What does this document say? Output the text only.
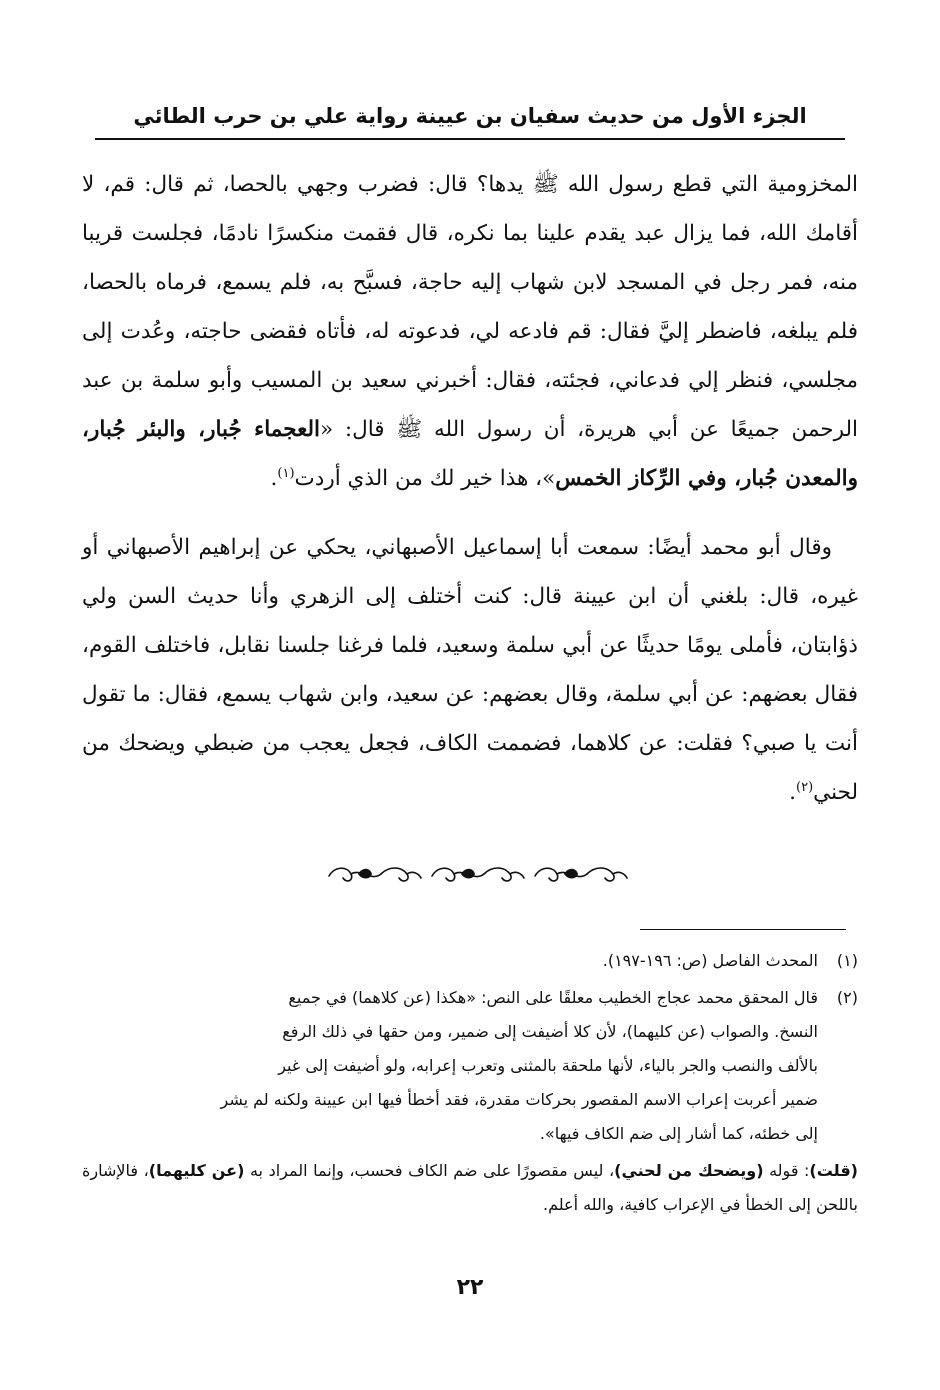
الجزء الأول من حديث سفيان بن عيينة رواية علي بن حرب الطائي

المخزومية التي قطع رسول الله ﷺ يدها؟ قال: فضرب وجهي بالحصا، ثم قال: قم، لا أقامك الله، فما يزال عبد يقدم علينا بما نكره، قال فقمت منكسرًا نادمًا، فجلست قريبا منه، فمر رجل في المسجد لابن شهاب إليه حاجة، فسبَّح به، فلم يسمع، فرماه بالحصا، فلم يبلغه، فاضطر إليَّ فقال: قم فادعه لي، فدعوته له، فأتاه فقضى حاجته، وعُدت إلى مجلسي، فنظر إلي فدعاني، فجئته، فقال: أخبرني سعيد بن المسيب وأبو سلمة بن عبد الرحمن جميعًا عن أبي هريرة، أن رسول الله ﷺ قال: «العجماء جُبار، والبئر جُبار، والمعدن جُبار، وفي الرِّكاز الخمس»، هذا خير لك من الذي أردت$^{(١)}$.

وقال أبو محمد أيضًا: سمعت أبا إسماعيل الأصبهاني، يحكي عن إبراهيم الأصبهاني أو غيره، قال: بلغني أن ابن عيينة قال: كنت أختلف إلى الزهري وأنا حديث السن ولي ذؤابتان، فأملى يومًا حديثًا عن أبي سلمة وسعيد، فلما فرغنا جلسنا نقابل، فاختلف القوم، فقال بعضهم: عن أبي سلمة، وقال بعضهم: عن سعيد، وابن شهاب يسمع، فقال: ما تقول أنت يا صبي؟ فقلت: عن كلاهما، فضممت الكاف، فجعل يعجب من ضبطي ويضحك من لحني$^{(٢)}$.

(١)
المحدث الفاصل (ص: ١٩٦-١٩٧).
(٢)
قال المحقق محمد عجاج الخطيب معلقًا على النص: «هكذا (عن كلاهما) في جميع
النسخ. والصواب (عن كليهما)، لأن كلا أضيفت إلى ضمير، ومن حقها في ذلك الرفع
بالألف والنصب والجر بالياء، لأنها ملحقة بالمثنى وتعرب إعرابه، ولو أضيفت إلى غير
ضمير أعربت إعراب الاسم المقصور بحركات مقدرة، فقد أخطأ فيها ابن عيينة ولكنه لم يشر
إلى خطئه، كما أشار إلى ضم الكاف فيها».
(قلت): قوله (ويضحك من لحني)، ليس مقصورًا على ضم الكاف فحسب، وإنما المراد به (عن كليهما)، فالإشارة باللحن إلى الخطأ في الإعراب كافية، والله أعلم.
٢٢
